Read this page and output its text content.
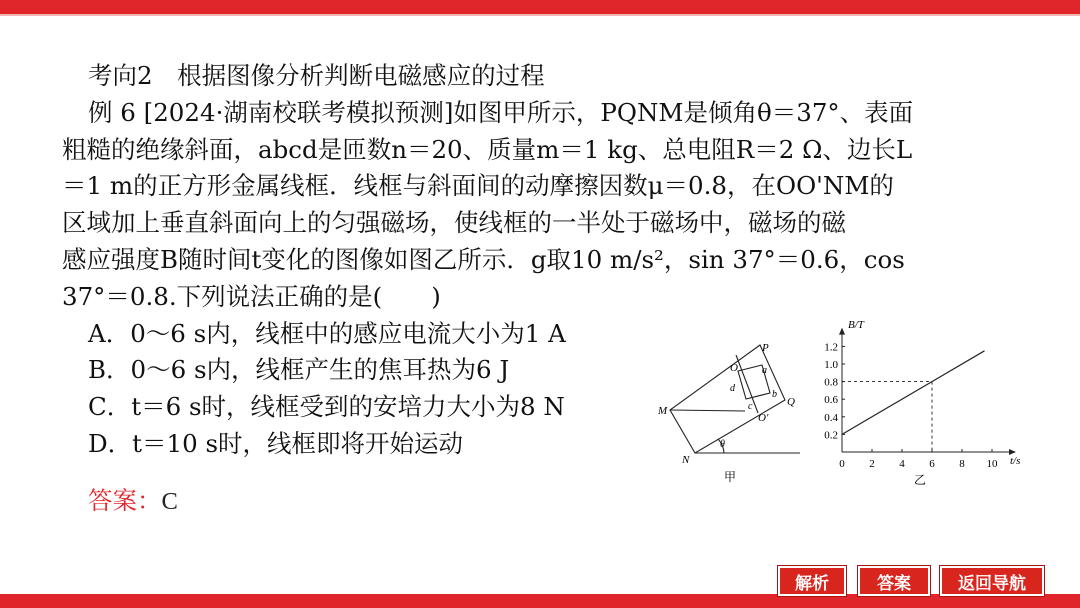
考向2　根据图像分析判断电磁感应的过程
例 6 [2024·湖南校联考模拟预测]如图甲所示，PQNM是倾角θ＝37°、表面
粗糙的绝缘斜面，abcd是匝数n＝20、质量m＝1 kg、总电阻R＝2 Ω、边长L
＝1 m的正方形金属线框．线框与斜面间的动摩擦因数μ＝0.8，在OO'NM的
区域加上垂直斜面向上的匀强磁场，使线框的一半处于磁场中，磁场的磁
感应强度B随时间t变化的图像如图乙所示．g取10 m/s²，sin 37°＝0.6，cos
37°＝0.8.下列说法正确的是(　　)
A．0～6 s内，线框中的感应电流大小为1 A
B．0～6 s内，线框产生的焦耳热为6 J
C．t＝6 s时，线框受到的安培力大小为8 N
D．t＝10 s时，线框即将开始运动
答案：C
P
Q
M
N
O
O'
a
b
c
d
θ
甲
0.2
0.4
0.6
0.8
1.0
1.2
0 2 4 6 8 10
B/T
t/s
乙
解析	答案	返回导航
